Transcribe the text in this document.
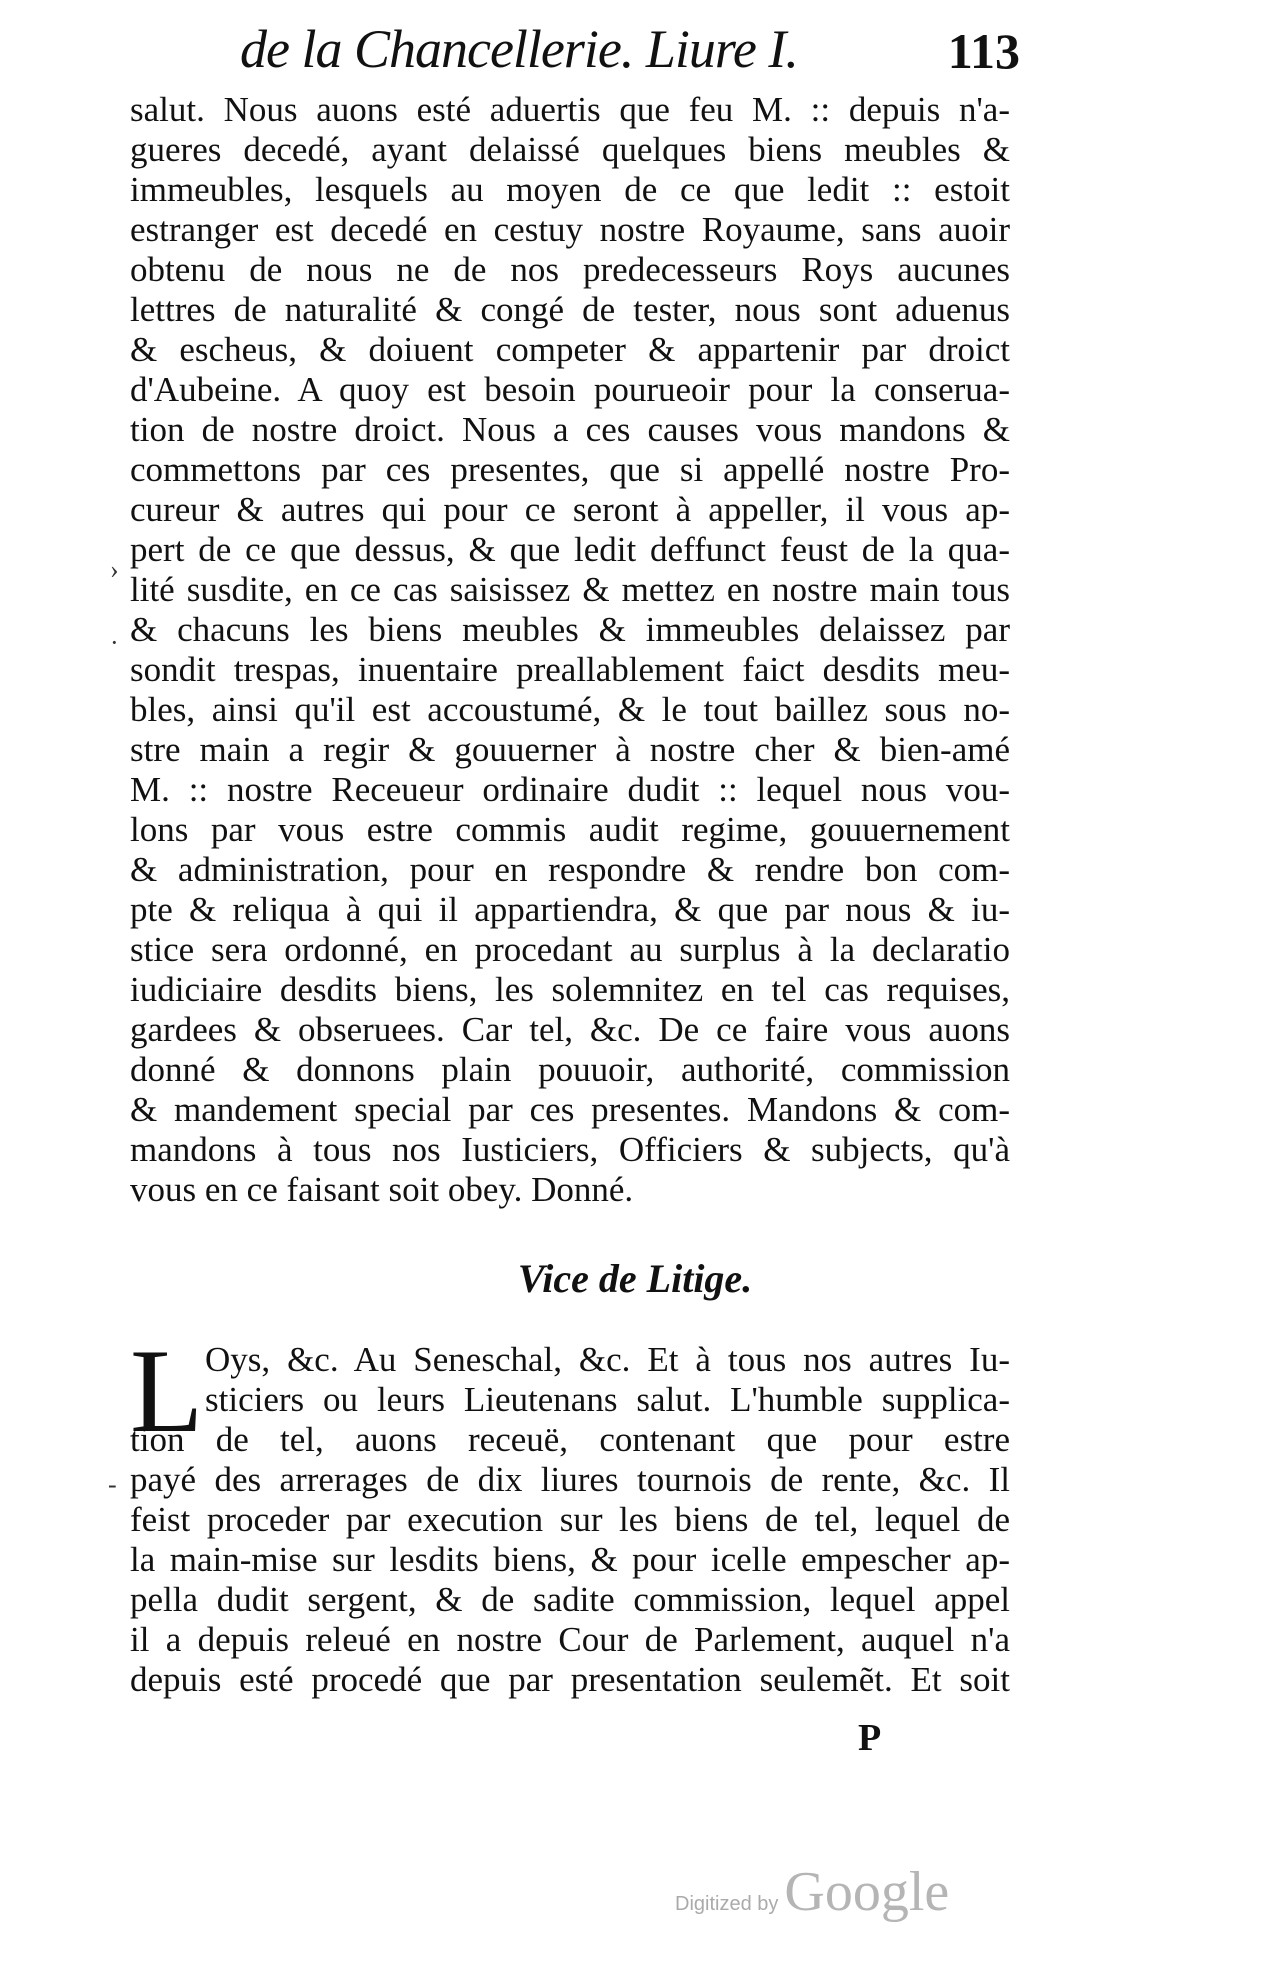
de la Chancellerie. Liure I.	113
salut. Nous auons esté aduertis que feu M. :: depuis n'a-
gueres decedé, ayant delaissé quelques biens meubles &
immeubles, lesquels au moyen de ce que ledit :: estoit
estranger est decedé en cestuy nostre Royaume, sans auoir
obtenu de nous ne de nos predecesseurs Roys aucunes
lettres de naturalité & congé de tester, nous sont aduenus
& escheus, & doiuent competer & appartenir par droict
d'Aubeine. A quoy est besoin pourueoir pour la conserua-
tion de nostre droict. Nous a ces causes vous mandons &
commettons par ces presentes, que si appellé nostre Pro-
cureur & autres qui pour ce seront à appeller, il vous ap-
pert de ce que dessus, & que ledit deffunct feust de la qua-
lité susdite, en ce cas saisissez & mettez en nostre main tous
& chacuns les biens meubles & immeubles delaissez par
sondit trespas, inuentaire preallablement faict desdits meu-
bles, ainsi qu'il est accoustumé, & le tout baillez sous no-
stre main a regir & gouuerner à nostre cher & bien-amé
M. :: nostre Receueur ordinaire dudit :: lequel nous vou-
lons par vous estre commis audit regime, gouuernement
& administration, pour en respondre & rendre bon com-
pte & reliqua à qui il appartiendra, & que par nous & iu-
stice sera ordonné, en procedant au surplus à la declaratio
iudiciaire desdits biens, les solemnitez en tel cas requises,
gardees & obseruees. Car tel, &c. De ce faire vous auons
donné & donnons plain pouuoir, authorité, commission
& mandement special par ces presentes. Mandons & com-
mandons à tous nos Iusticiers, Officiers & subjects, qu'à
vous en ce faisant soit obey. Donné.
Vice de Litige.
L Oys, &c. Au Seneschal, &c. Et à tous nos autres Iu-
sticiers ou leurs Lieutenans salut. L'humble supplica-
tion de tel, auons receuë, contenant que pour estre
payé des arrerages de dix liures tournois de rente, &c. Il
feist proceder par execution sur les biens de tel, lequel de
la main-mise sur lesdits biens, & pour icelle empescher ap-
pella dudit sergent, & de sadite commission, lequel appel
il a depuis releué en nostre Cour de Parlement, auquel n'a
depuis esté procedé que par presentation seulemẽt. Et soit
P
›
·
-
Digitized by Google
